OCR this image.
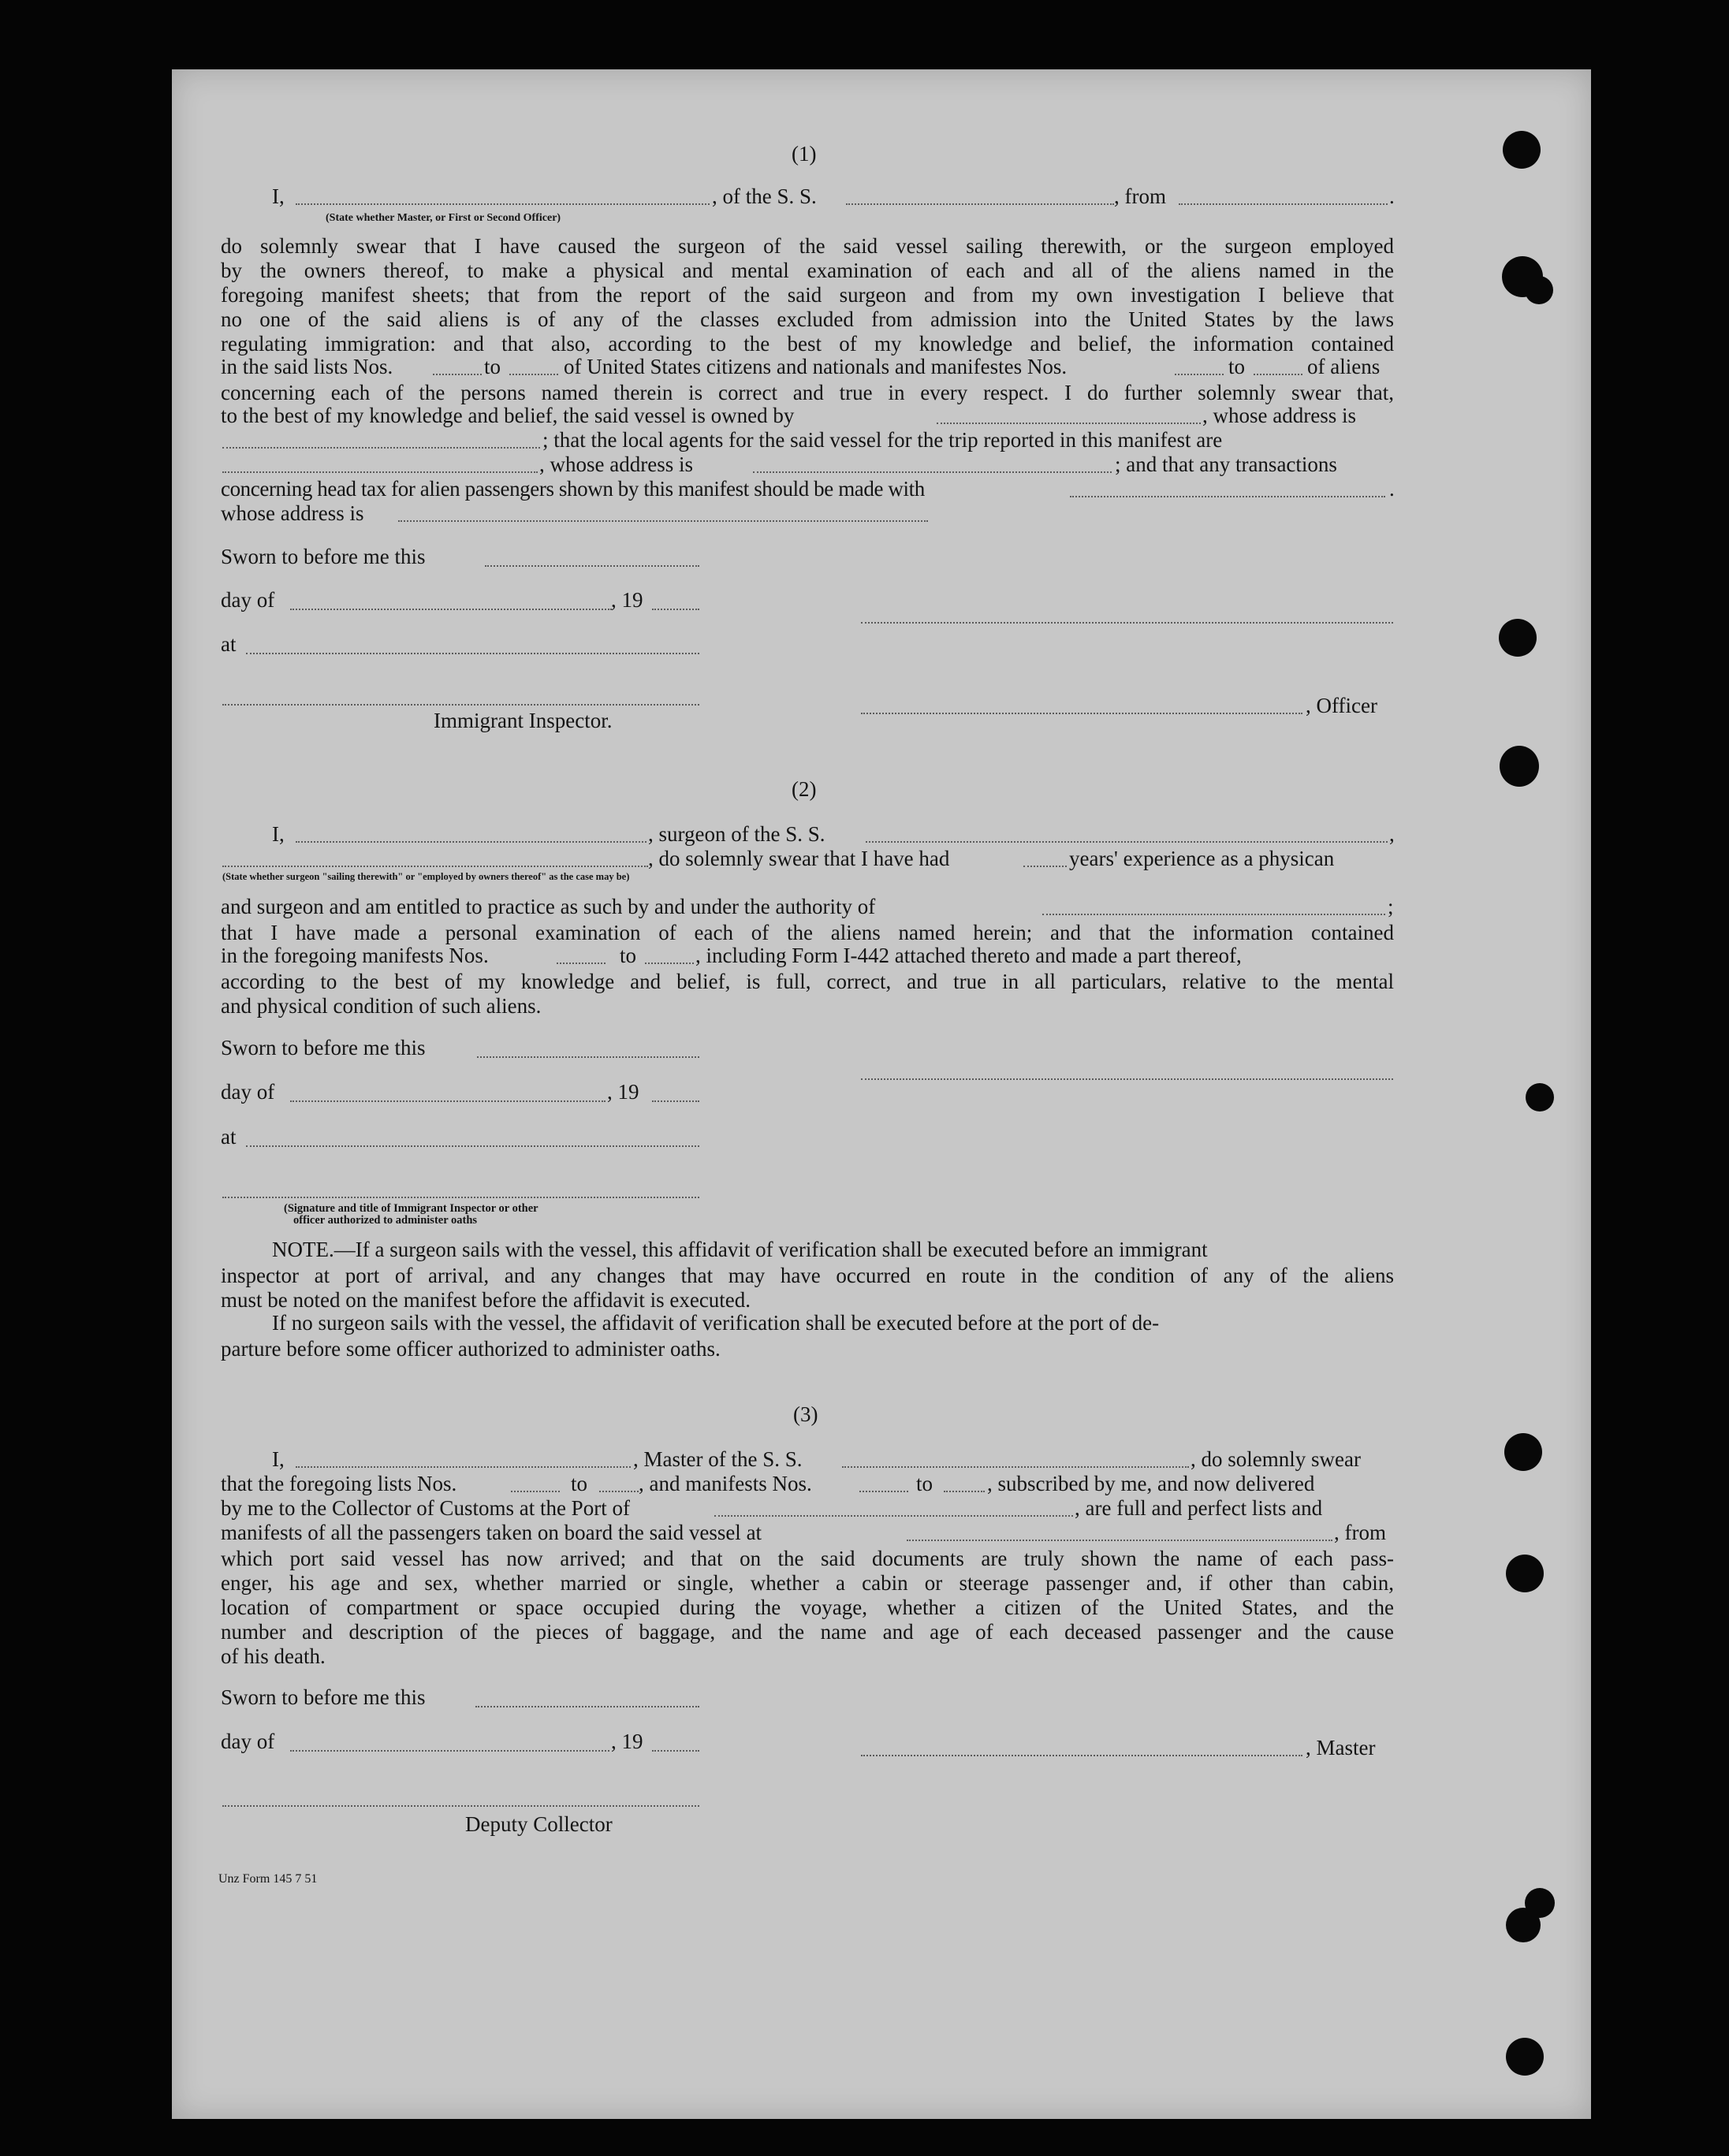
(1)
I,	, of the S. S.	, from	.
(State whether Master, or First or Second Officer)
do solemnly swear that I have caused the surgeon of the said vessel sailing therewith, or the surgeon employed
by the owners thereof, to make a physical and mental examination of each and all of the aliens named in the
foregoing manifest sheets; that from the report of the said surgeon and from my own investigation I believe that
no one of the said aliens is of any of the classes excluded from admission into the United States by the laws
regulating immigration: and that also, according to the best of my knowledge and belief, the information contained
in the said lists Nos.	to	of United States citizens and nationals and manifestes Nos.	to	of aliens
concerning each of the persons named therein is correct and true in every respect. I do further solemnly swear that,
to the best of my knowledge and belief, the said vessel is owned by	, whose address is
; that the local agents for the said vessel for the trip reported in this manifest are
, whose address is	; and that any transactions
concerning head tax for alien passengers shown by this manifest should be made with	.
whose address is
Sworn to before me this
day of	, 19
at
, Officer
Immigrant Inspector.
(2)
I,	, surgeon of the S. S.	,
, do solemnly swear that I have had	years' experience as a physican
(State whether surgeon "sailing therewith" or "employed by owners thereof" as the case may be)
and surgeon and am entitled to practice as such by and under the authority of	;
that I have made a personal examination of each of the aliens named herein; and that the information contained
in the foregoing manifests Nos.	to	, including Form I-442 attached thereto and made a part thereof,
according to the best of my knowledge and belief, is full, correct, and true in all particulars, relative to the mental
and physical condition of such aliens.
Sworn to before me this
day of	, 19
at
(Signature and title of Immigrant Inspector or other
officer authorized to administer oaths
NOTE.—If a surgeon sails with the vessel, this affidavit of verification shall be executed before an immigrant
inspector at port of arrival, and any changes that may have occurred en route in the condition of any of the aliens
must be noted on the manifest before the affidavit is executed.
If no surgeon sails with the vessel, the affidavit of verification shall be executed before at the port of de-
parture before some officer authorized to administer oaths.
(3)
I,	, Master of the S. S.	, do solemnly swear
that the foregoing lists Nos.	to , and manifests Nos.	to	, subscribed by me, and now delivered
by me to the Collector of Customs at the Port of	, are full and perfect lists and
manifests of all the passengers taken on board the said vessel at	, from
which port said vessel has now arrived; and that on the said documents are truly shown the name of each pass-
enger, his age and sex, whether married or single, whether a cabin or steerage passenger and, if other than cabin,
location of compartment or space occupied during the voyage, whether a citizen of the United States, and the
number and description of the pieces of baggage, and the name and age of each deceased passenger and the cause
of his death.
Sworn to before me this
day of	, 19	, Master
Deputy Collector
Unz Form 145 7 51
